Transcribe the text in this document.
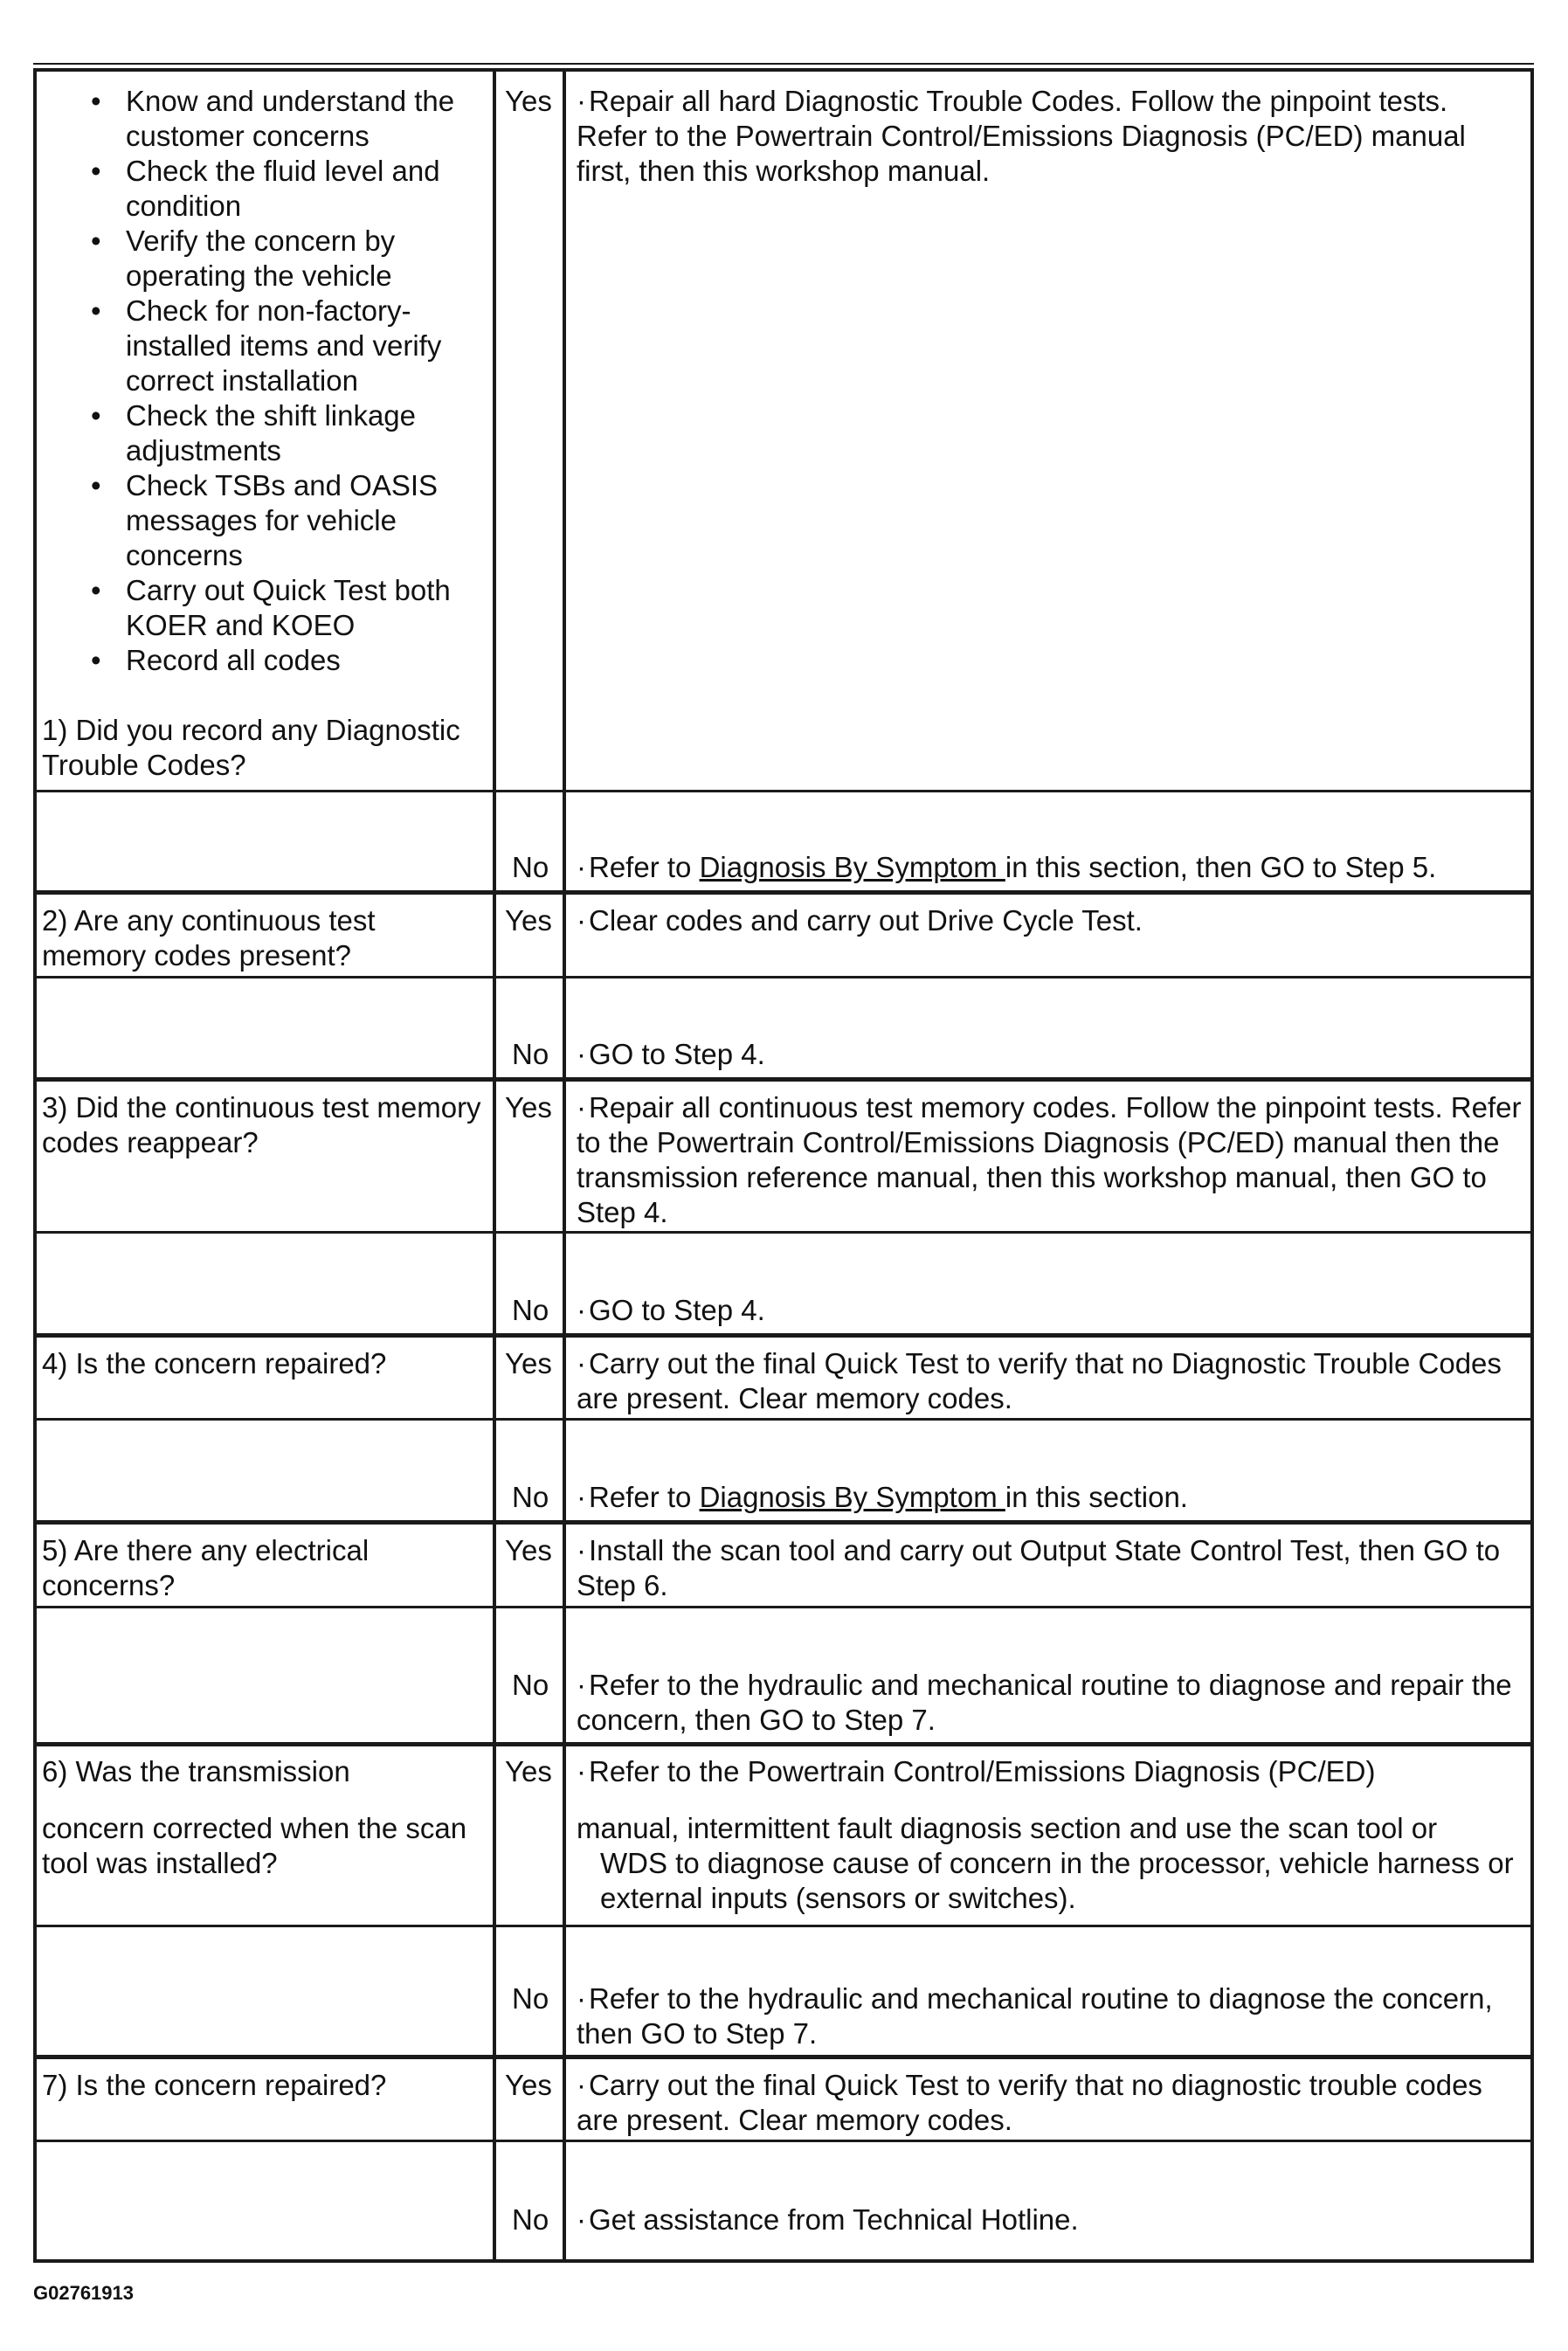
• Know and understand the customer concerns
• Check the fluid level and condition
• Verify the concern by operating the vehicle
• Check for non-factory-installed items and verify correct installation
• Check the shift linkage adjustments
• Check TSBs and OASIS messages for vehicle concerns
• Carry out Quick Test both KOER and KOEO
• Record all codes
1) Did you record any Diagnostic Trouble Codes?
Yes ·Repair all hard Diagnostic Trouble Codes. Follow the pinpoint tests. Refer to the Powertrain Control/Emissions Diagnosis (PC/ED) manual first, then this workshop manual.
No ·Refer to Diagnosis By Symptom in this section, then GO to Step 5.
2) Are any continuous test memory codes present?
Yes ·Clear codes and carry out Drive Cycle Test.
No ·GO to Step 4.
3) Did the continuous test memory codes reappear?
Yes ·Repair all continuous test memory codes. Follow the pinpoint tests. Refer to the Powertrain Control/Emissions Diagnosis (PC/ED) manual then the transmission reference manual, then this workshop manual, then GO to Step 4.
No ·GO to Step 4.
4) Is the concern repaired?	Yes ·Carry out the final Quick Test to verify that no Diagnostic Trouble Codes are present. Clear memory codes.
No ·Refer to Diagnosis By Symptom in this section.
5) Are there any electrical concerns?
Yes ·Install the scan tool and carry out Output State Control Test, then GO to Step 6.
No ·Refer to the hydraulic and mechanical routine to diagnose and repair the concern, then GO to Step 7.
6) Was the transmission
concern corrected when the scan tool was installed?
Yes ·Refer to the Powertrain Control/Emissions Diagnosis (PC/ED)
manual, intermittent fault diagnosis section and use the scan tool or
WDS to diagnose cause of concern in the processor, vehicle harness or external inputs (sensors or switches).
No ·Refer to the hydraulic and mechanical routine to diagnose the concern, then GO to Step 7.
7) Is the concern repaired?	Yes ·Carry out the final Quick Test to verify that no diagnostic trouble codes are present. Clear memory codes.
No ·Get assistance from Technical Hotline.
G02761913
